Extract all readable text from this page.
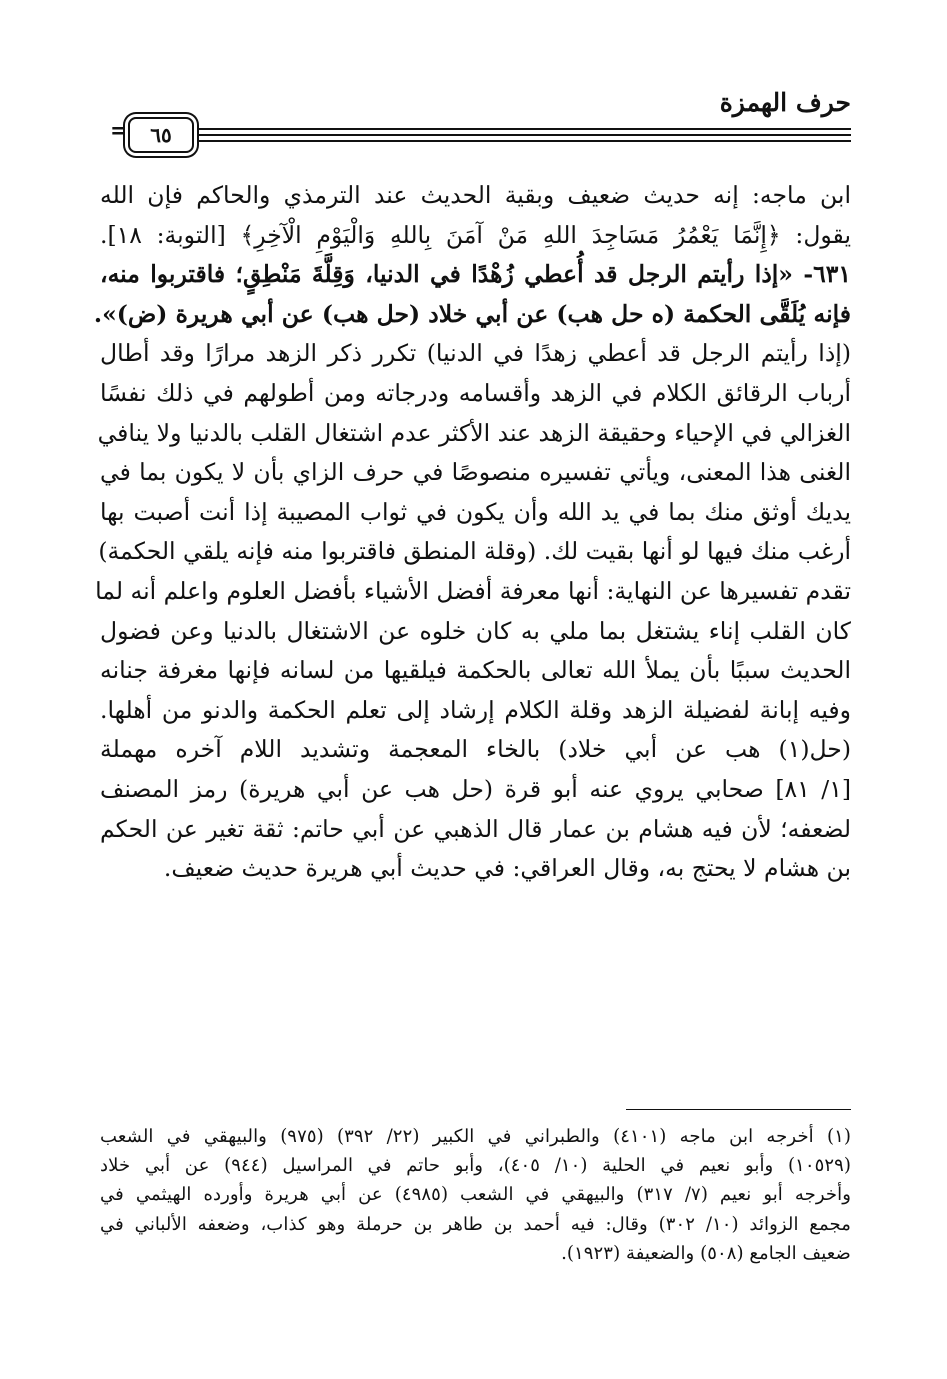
حرف الهمزة
=	٦٥
ابن ماجه: إنه حديث ضعيف وبقية الحديث عند الترمذي والحاكم فإن الله
يقول: ﴿إِنَّمَا يَعْمُرُ مَسَاجِدَ اللهِ مَنْ آمَنَ بِاللهِ وَالْيَوْمِ الْآخِرِ﴾ [التوبة: ١٨].
٦٣١- «إذا رأيتم الرجل قد أُعطي زُهْدًا في الدنيا، وَقِلَّةَ مَنْطِقٍ؛ فاقتربوا منه،
فإنه يُلَقَّى الحكمة (ه حل هب) عن أبي خلاد (حل هب) عن أبي هريرة (ض)».
(إذا رأيتم الرجل قد أعطي زهدًا في الدنيا) تكرر ذكر الزهد مرارًا وقد أطال
أرباب الرقائق الكلام في الزهد وأقسامه ودرجاته ومن أطولهم في ذلك نفسًا
الغزالي في الإحياء وحقيقة الزهد عند الأكثر عدم اشتغال القلب بالدنيا ولا ينافي
الغنى هذا المعنى، ويأتي تفسيره منصوصًا في حرف الزاي بأن لا يكون بما في
يديك أوثق منك بما في يد الله وأن يكون في ثواب المصيبة إذا أنت أصبت بها
أرغب منك فيها لو أنها بقيت لك. (وقلة المنطق فاقتربوا منه فإنه يلقي الحكمة)
تقدم تفسيرها عن النهاية: أنها معرفة أفضل الأشياء بأفضل العلوم واعلم أنه لما
كان القلب إناء يشتغل بما ملي به كان خلوه عن الاشتغال بالدنيا وعن فضول
الحديث سببًا بأن يملأ الله تعالى بالحكمة فيلقيها من لسانه فإنها مغرفة جنانه
وفيه إبانة لفضيلة الزهد وقلة الكلام إرشاد إلى تعلم الحكمة والدنو من أهلها.
(حل(١) هب عن أبي خلاد) بالخاء المعجمة وتشديد اللام آخره مهملة
[١/ ٨١] صحابي يروي عنه أبو قرة (حل هب عن أبي هريرة) رمز المصنف
لضعفه؛ لأن فيه هشام بن عمار قال الذهبي عن أبي حاتم: ثقة تغير عن الحكم
بن هشام لا يحتج به، وقال العراقي: في حديث أبي هريرة حديث ضعيف.
(١) أخرجه ابن ماجه (٤١٠١) والطبراني في الكبير (٢٢/ ٣٩٢) (٩٧٥) والبيهقي في الشعب
(١٠٥٢٩) وأبو نعيم في الحلية (١٠/ ٤٠٥)، وأبو حاتم في المراسيل (٩٤٤) عن أبي خلاد
وأخرجه أبو نعيم (٧/ ٣١٧) والبيهقي في الشعب (٤٩٨٥) عن أبي هريرة وأورده الهيثمي في
مجمع الزوائد (١٠/ ٣٠٢) وقال: فيه أحمد بن طاهر بن حرملة وهو كذاب، وضعفه الألباني في
ضعيف الجامع (٥٠٨) والضعيفة (١٩٢٣).
